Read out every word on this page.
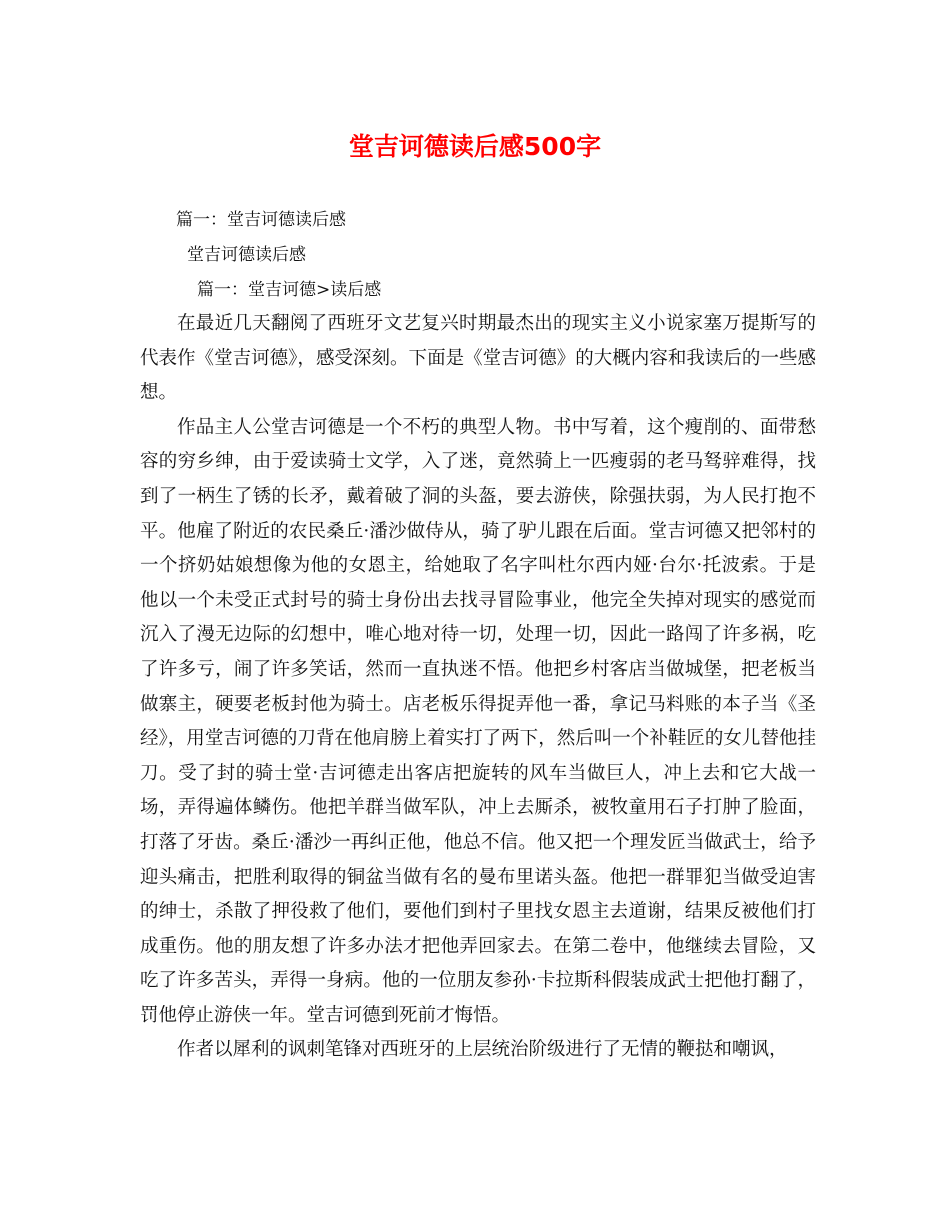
堂吉诃德读后感500字

篇一：堂吉诃德读后感

堂吉诃德读后感

篇一：堂吉诃德>读后感

在最近几天翻阅了西班牙文艺复兴时期最杰出的现实主义小说家塞万提斯写的代表作《堂吉诃德》，感受深刻。下面是《堂吉诃德》的大概内容和我读后的一些感想。

作品主人公堂吉诃德是一个不朽的典型人物。书中写着，这个瘦削的、面带愁容的穷乡绅，由于爱读骑士文学，入了迷，竟然骑上一匹瘦弱的老马驽骍难得，找到了一柄生了锈的长矛，戴着破了洞的头盔，要去游侠，除强扶弱，为人民打抱不平。他雇了附近的农民桑丘·潘沙做侍从，骑了驴儿跟在后面。堂吉诃德又把邻村的一个挤奶姑娘想像为他的女恩主，给她取了名字叫杜尔西内娅·台尔·托波索。于是他以一个未受正式封号的骑士身份出去找寻冒险事业，他完全失掉对现实的感觉而沉入了漫无边际的幻想中，唯心地对待一切，处理一切，因此一路闯了许多祸，吃了许多亏，闹了许多笑话，然而一直执迷不悟。他把乡村客店当做城堡，把老板当做寨主，硬要老板封他为骑士。店老板乐得捉弄他一番，拿记马料账的本子当《圣经》，用堂吉诃德的刀背在他肩膀上着实打了两下，然后叫一个补鞋匠的女儿替他挂刀。受了封的骑士堂·吉诃德走出客店把旋转的风车当做巨人，冲上去和它大战一场，弄得遍体鳞伤。他把羊群当做军队，冲上去厮杀，被牧童用石子打肿了脸面，打落了牙齿。桑丘·潘沙一再纠正他，他总不信。他又把一个理发匠当做武士，给予迎头痛击，把胜利取得的铜盆当做有名的曼布里诺头盔。他把一群罪犯当做受迫害的绅士，杀散了押役救了他们，要他们到村子里找女恩主去道谢，结果反被他们打成重伤。他的朋友想了许多办法才把他弄回家去。在第二卷中，他继续去冒险，又吃了许多苦头，弄得一身病。他的一位朋友参孙·卡拉斯科假装成武士把他打翻了，罚他停止游侠一年。堂吉诃德到死前才悔悟。

作者以犀利的讽刺笔锋对西班牙的上层统治阶级进行了无情的鞭挞和嘲讽，
